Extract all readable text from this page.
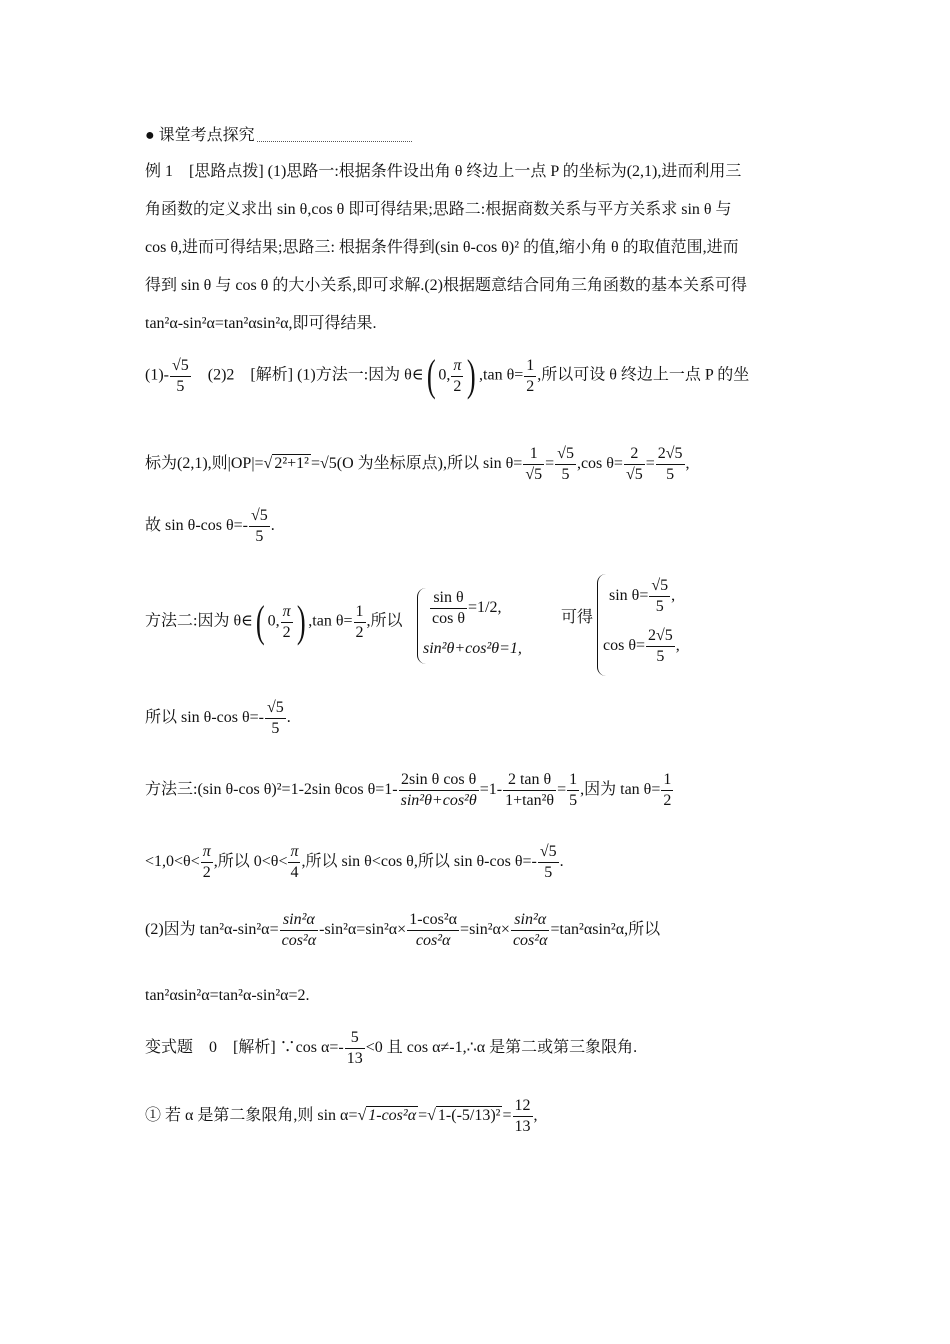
● 课堂考点探究
例 1　[思路点拨] (1)思路一:根据条件设出角 θ 终边上一点 P 的坐标为(2,1),进而利用三
角函数的定义求出 sin θ,cos θ 即可得结果;思路二:根据商数关系与平方关系求 sin θ 与
cos θ,进而可得结果;思路三: 根据条件得到(sin θ-cos θ)² 的值,缩小角 θ 的取值范围,进而
得到 sin θ 与 cos θ 的大小关系,即可求解.(2)根据题意结合同角三角函数的基本关系可得
tan²α-sin²α=tan²αsin²α,即可得结果.
$(1)- \frac{√5}{5}$ 　(2)2　[解析] (1)方法一:因为 θ∈( 0, $\frac{\pi}{2}$ ) ,tan $\theta= \frac{1}{2}$ ,所以可设 θ 终边上一点 P 的坐
标为(2,1),则|OP|=√ 2²+1² =√5(O 为坐标原点),所以 $\sin \theta= \frac{1}{√5} = \frac{√5}{5} ,\cos$ $\theta= \frac{2}{√5} = \frac{2√5}{5}$ ,
故 sin θ-cos $\theta=- \frac{√5}{5}$ .
方法二:因为 θ∈( 0, $\frac{\pi}{2}$ ) ,tan $\theta= \frac{1}{2}$ ,所以 $\frac{\text{sin θ}}{\text{cos θ}} =1/2$,
sin²θ+cos²θ=1,
可得
$\sin \theta= \frac{√5}{5}$ ,
$\cos \theta= \frac{2√5}{5}$ ,
所以 sin θ-cos $\theta=- \frac{√5}{5}$ .
方法三:(sin θ-cos θ)²=1-2sin θcos $\theta=1- \frac{\text{2sin θ cos θ}}{\text{sin²θ+cos²θ}} =1- \frac{\text{2 tan θ}}{\text{1+tan²θ}} = \frac{1}{5}$ ,因为 $\tan \theta= \frac{1}{2}$
$<1,0<\theta< \frac{\pi}{2}$ ,所以 $0<\theta< \frac{\pi}{4}$ ,所以 sin θ<cos θ,所以 sin θ-cos $\theta=- \frac{√5}{5}$ .
(2)因为 $\tan^2\alpha-\sin^2\alpha= \frac{\text{sin²α}}{\text{cos²α}} -\sin^2\alpha=\sin^2\alpha\times \frac{\text{1-cos²α}}{\text{cos²α}} =\sin^2\alpha\times \frac{\text{sin²α}}{\text{cos²α}} =\tan^2\alpha\sin^2\alpha$,所以
tan²αsin²α=tan²α-sin²α=2.
变式题　0　[解析] ∵cos $\alpha=- \frac{5}{13} <0$ 且 cos α≠-1,∴α 是第二或第三象限角.
① 若 α 是第二象限角,则 sin α=√ 1-cos²α =√ $1-(-5/13)^2 = \frac{12}{13}$ ,
